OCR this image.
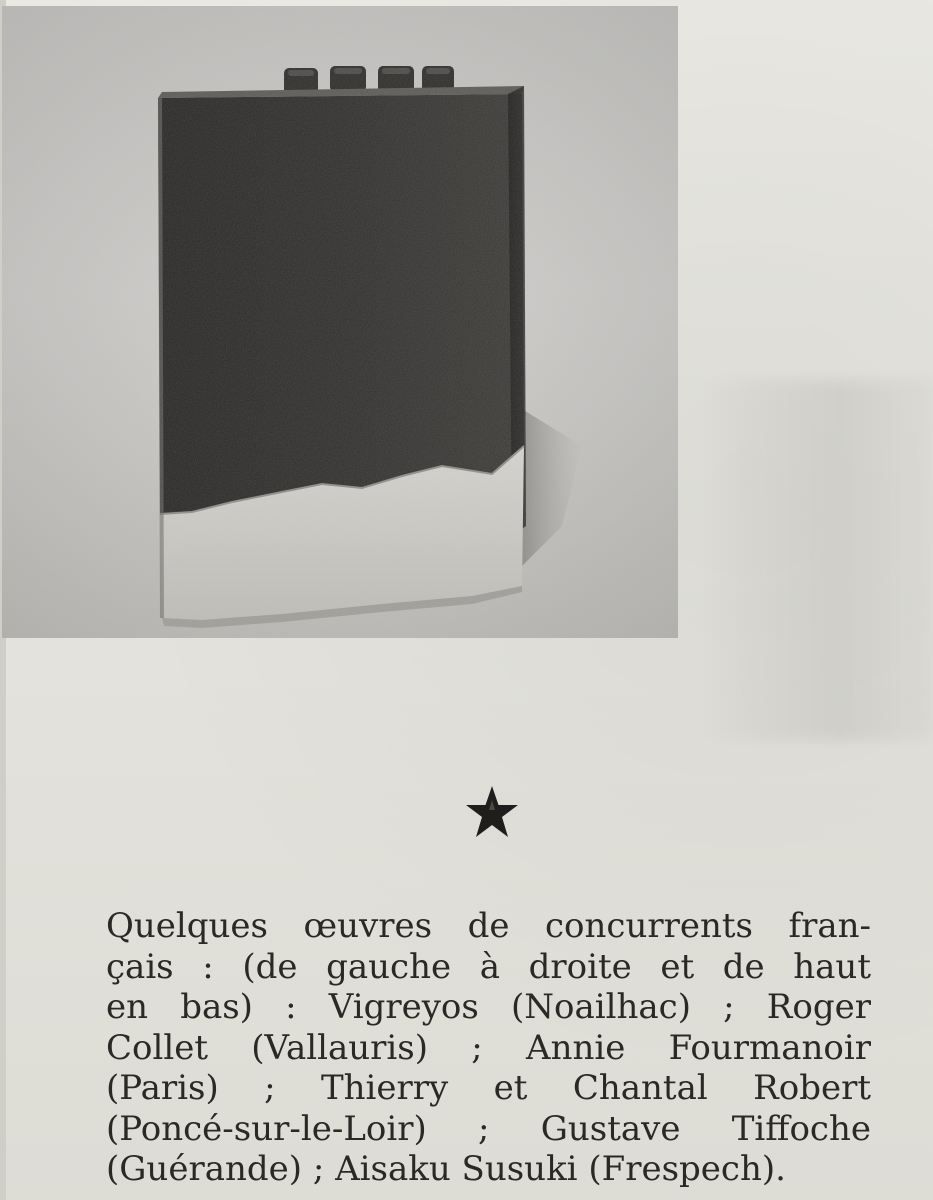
Quelques œuvres de concurrents fran-
çais : (de gauche à droite et de haut
en bas) : Vigreyos (Noailhac) ; Roger
Collet (Vallauris) ; Annie Fourmanoir
(Paris) ; Thierry et Chantal Robert
(Poncé-sur-le-Loir) ; Gustave Tiffoche
(Guérande) ; Aisaku Susuki (Frespech).
